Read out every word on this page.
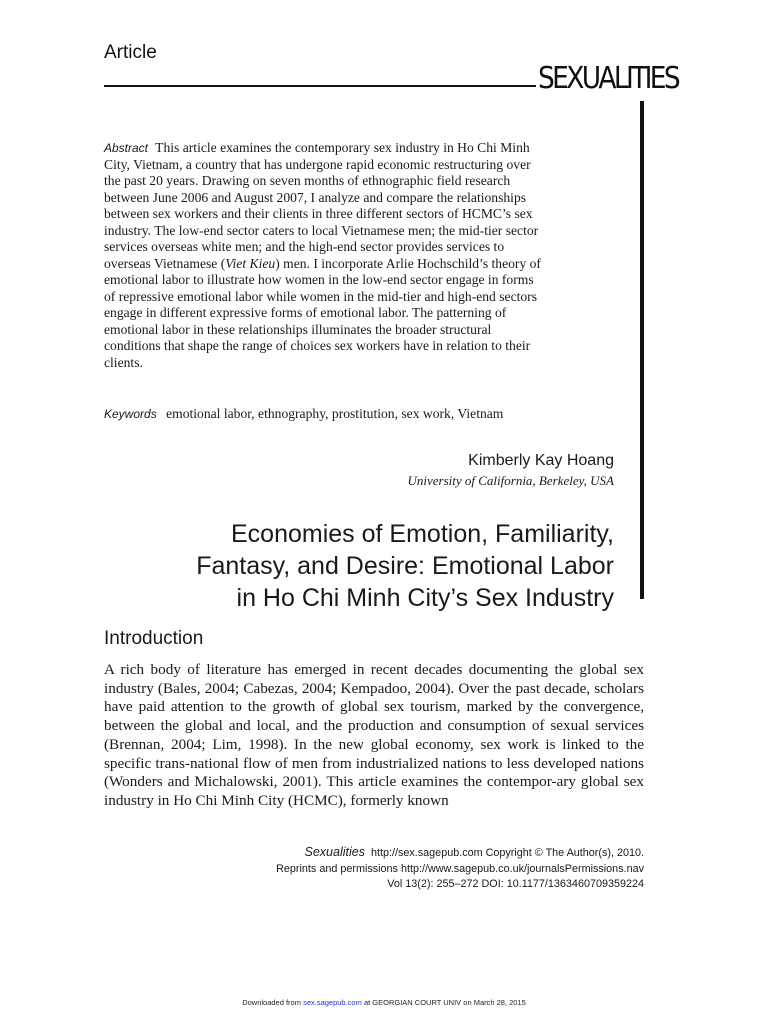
Article
SEXUALITIES
Abstract This article examines the contemporary sex industry in Ho Chi Minh City, Vietnam, a country that has undergone rapid economic restructuring over the past 20 years. Drawing on seven months of ethnographic field research between June 2006 and August 2007, I analyze and compare the relationships between sex workers and their clients in three different sectors of HCMC’s sex industry. The low-end sector caters to local Vietnamese men; the mid-tier sector services overseas white men; and the high-end sector provides services to overseas Vietnamese (Viet Kieu) men. I incorporate Arlie Hochschild’s theory of emotional labor to illustrate how women in the low-end sector engage in forms of repressive emotional labor while women in the mid-tier and high-end sectors engage in different expressive forms of emotional labor. The patterning of emotional labor in these relationships illuminates the broader structural conditions that shape the range of choices sex workers have in relation to their clients.
Keywords emotional labor, ethnography, prostitution, sex work, Vietnam
Kimberly Kay Hoang
University of California, Berkeley, USA
Economies of Emotion, Familiarity,
Fantasy, and Desire: Emotional Labor
in Ho Chi Minh City’s Sex Industry
Introduction
A rich body of literature has emerged in recent decades documenting the global sex industry (Bales, 2004; Cabezas, 2004; Kempadoo, 2004). Over the past decade, scholars have paid attention to the growth of global sex tourism, marked by the convergence, between the global and local, and the production and consumption of sexual services (Brennan, 2004; Lim, 1998). In the new global economy, sex work is linked to the specific trans-national flow of men from industrialized nations to less developed nations (Wonders and Michalowski, 2001). This article examines the contempor-ary global sex industry in Ho Chi Minh City (HCMC), formerly known
Sexualities http://sex.sagepub.com Copyright © The Author(s), 2010.
Reprints and permissions http://www.sagepub.co.uk/journalsPermissions.nav
Vol 13(2): 255–272 DOI: 10.1177/1363460709359224
Downloaded from sex.sagepub.com at GEORGIAN COURT UNIV on March 28, 2015
